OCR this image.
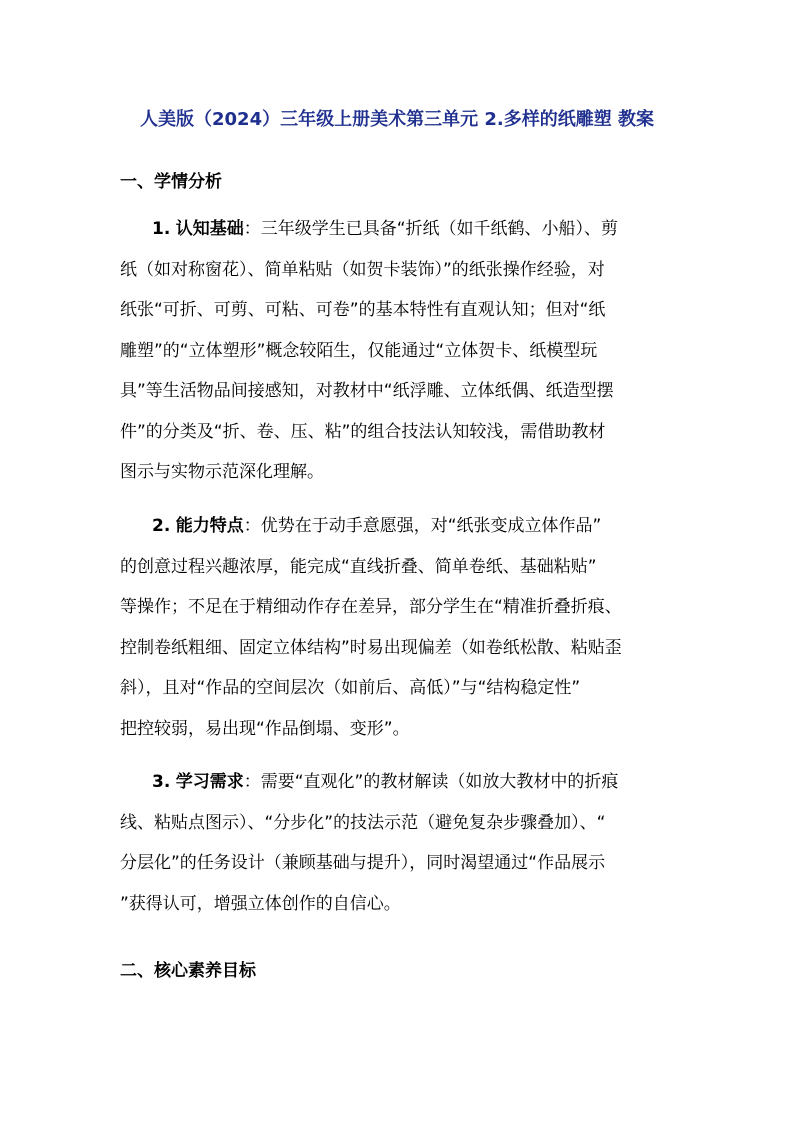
人美版（2024）三年级上册美术第三单元 2.多样的纸雕塑 教案
一、学情分析
1. 认知基础：三年级学生已具备“折纸（如千纸鹤、小船）、剪
纸（如对称窗花）、简单粘贴（如贺卡装饰）”的纸张操作经验，对
纸张“可折、可剪、可粘、可卷”的基本特性有直观认知；但对“纸
雕塑”的“立体塑形”概念较陌生，仅能通过“立体贺卡、纸模型玩
具”等生活物品间接感知，对教材中“纸浮雕、立体纸偶、纸造型摆
件”的分类及“折、卷、压、粘”的组合技法认知较浅，需借助教材
图示与实物示范深化理解。
2. 能力特点：优势在于动手意愿强，对“纸张变成立体作品”
的创意过程兴趣浓厚，能完成“直线折叠、简单卷纸、基础粘贴”
等操作；不足在于精细动作存在差异，部分学生在“精准折叠折痕、
控制卷纸粗细、固定立体结构”时易出现偏差（如卷纸松散、粘贴歪
斜），且对“作品的空间层次（如前后、高低）”与“结构稳定性”
把控较弱，易出现“作品倒塌、变形”。
3. 学习需求：需要“直观化”的教材解读（如放大教材中的折痕
线、粘贴点图示）、“分步化”的技法示范（避免复杂步骤叠加）、“
分层化”的任务设计（兼顾基础与提升），同时渴望通过“作品展示
”获得认可，增强立体创作的自信心。
二、核心素养目标
